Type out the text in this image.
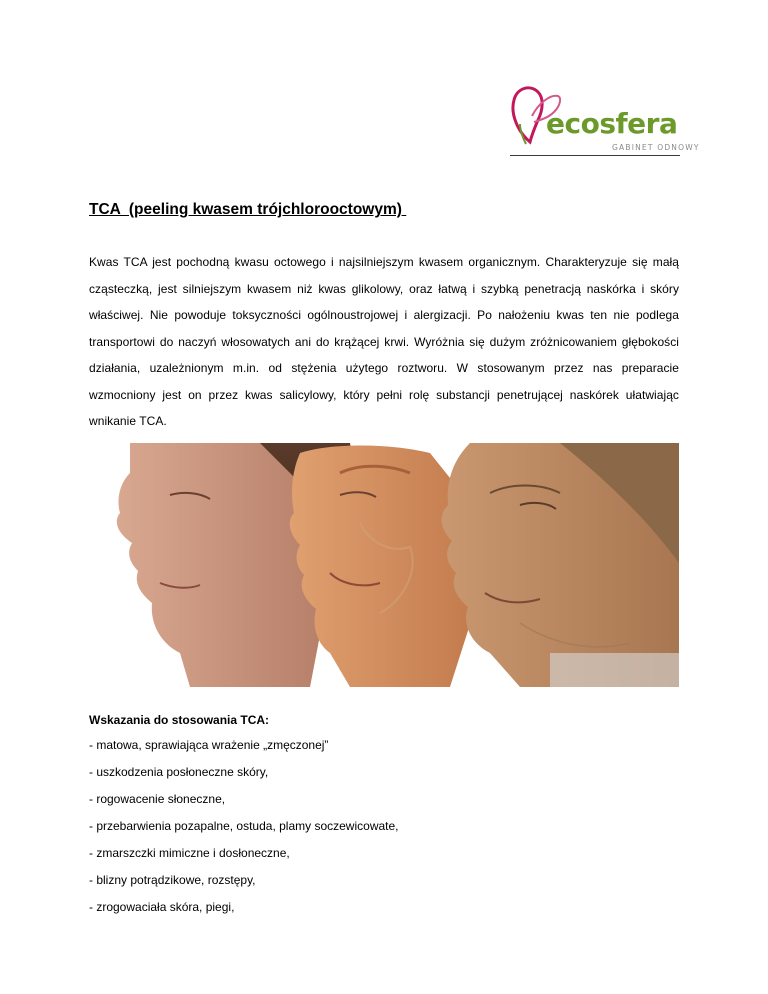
ecosfera
GABINET ODNOWY
TCA  (peeling kwasem trójchlorooctowym)

Kwas TCA jest pochodną kwasu octowego i najsilniejszym kwasem organicznym. Charakteryzuje się małą cząsteczką, jest silniejszym kwasem niż kwas glikolowy, oraz łatwą i szybką penetracją naskórka i skóry właściwej. Nie powoduje toksyczności ogólnoustrojowej i alergizacji. Po nałożeniu kwas ten nie podlega transportowi do naczyń włosowatych ani do krążącej krwi. Wyróżnia się dużym zróżnicowaniem głębokości działania, uzależnionym m.in. od stężenia użytego roztworu. W stosowanym przez nas preparacie wzmocniony jest on przez kwas salicylowy, który pełni rolę substancji penetrującej naskórek ułatwiając wnikanie TCA.

Wskazania do stosowania TCA:

- matowa, sprawiająca wrażenie „zmęczonej”
- uszkodzenia posłoneczne skóry,
- rogowacenie słoneczne,
- przebarwienia pozapalne, ostuda, plamy soczewicowate,
- zmarszczki mimiczne i dosłoneczne,
- blizny potrądzikowe, rozstępy,
- zrogowaciała skóra, piegi,
